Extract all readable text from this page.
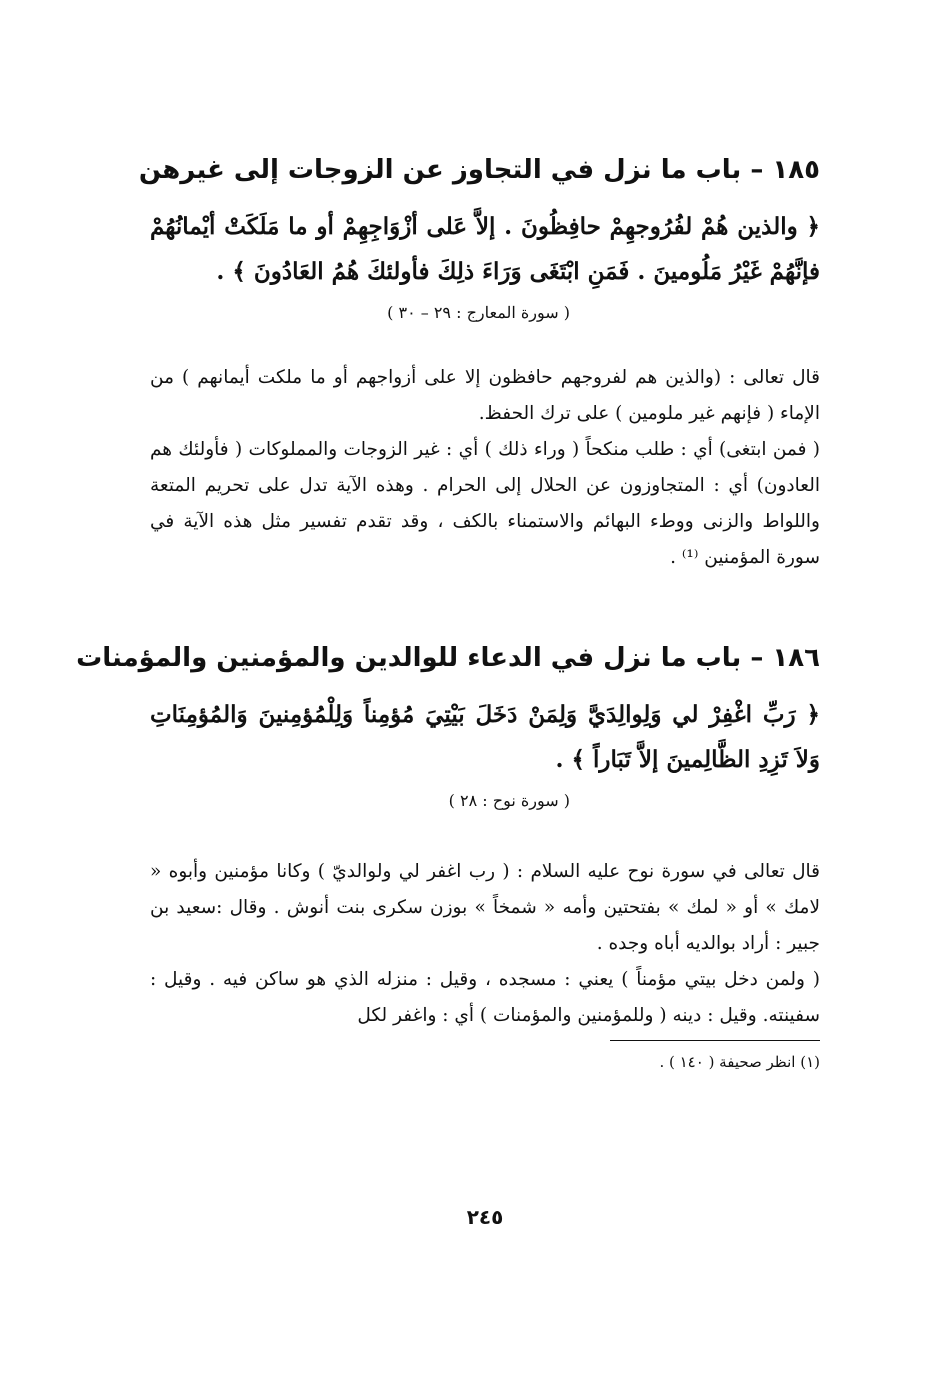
١٨٥ – باب ما نزل في التجاوز عن الزوجات إلى غيرهن

﴿ والذين هُمْ لفُرُوجهِمْ حافِظُونَ . إلاَّ عَلى أزْوَاجِهِمْ أو ما مَلَكَتْ أيْمانُهُمْ فإنَّهُمْ غَيْرُ مَلُومينَ . فَمَنِ ابْتَغَى وَرَاءَ ذلِكَ فأولئكَ هُمُ العَادُونَ ﴾ .

( سورة المعارج : ٢٩ – ٣٠ )

قال تعالى : (والذين هم لفروجهم حافظون إلا على أزواجهم أو ما ملكت أيمانهم ) من الإماء ( فإنهم غير ملومين ) على ترك الحفظ.

( فمن ابتغى) أي : طلب منكحاً ( وراء ذلك ) أي : غير الزوجات والمملوكات ( فأولئك هم العادون) أي : المتجاوزون عن الحلال إلى الحرام . وهذه الآية تدل على تحريم المتعة واللواط والزنى ووطء البهائم والاستمناء بالكف ، وقد تقدم تفسير مثل هذه الآية في سورة المؤمنين ⁽¹⁾ .

١٨٦ – باب ما نزل في الدعاء للوالدين والمؤمنين والمؤمنات

﴿ رَبِّ اغْفِرْ لي وَلِوالِدَيَّ وَلِمَنْ دَخَلَ بَيْتِيَ مُؤمِناً وَلِلْمُؤمِنينَ وَالمُؤمِنَاتِ وَلاَ تَزِدِ الظَّالِمينَ إلاَّ تَبَاراً ﴾ .

( سورة نوح : ٢٨ )

قال تعالى في سورة نوح عليه السلام : ( رب اغفر لي ولوالديّ ) وكانا مؤمنين وأبوه « لامك » أو « لمك » بفتحتين وأمه « شمخاً » بوزن سكرى بنت أنوش . وقال :سعيد بن جبير : أراد بوالديه أباه وجده .

( ولمن دخل بيتي مؤمناً ) يعني : مسجده ، وقيل : منزله الذي هو ساكن فيه . وقيل : سفينته. وقيل : دينه ( وللمؤمنين والمؤمنات ) أي : واغفر لكل

(١) انظر صحيفة ( ١٤٠ ) .

٢٤٥
